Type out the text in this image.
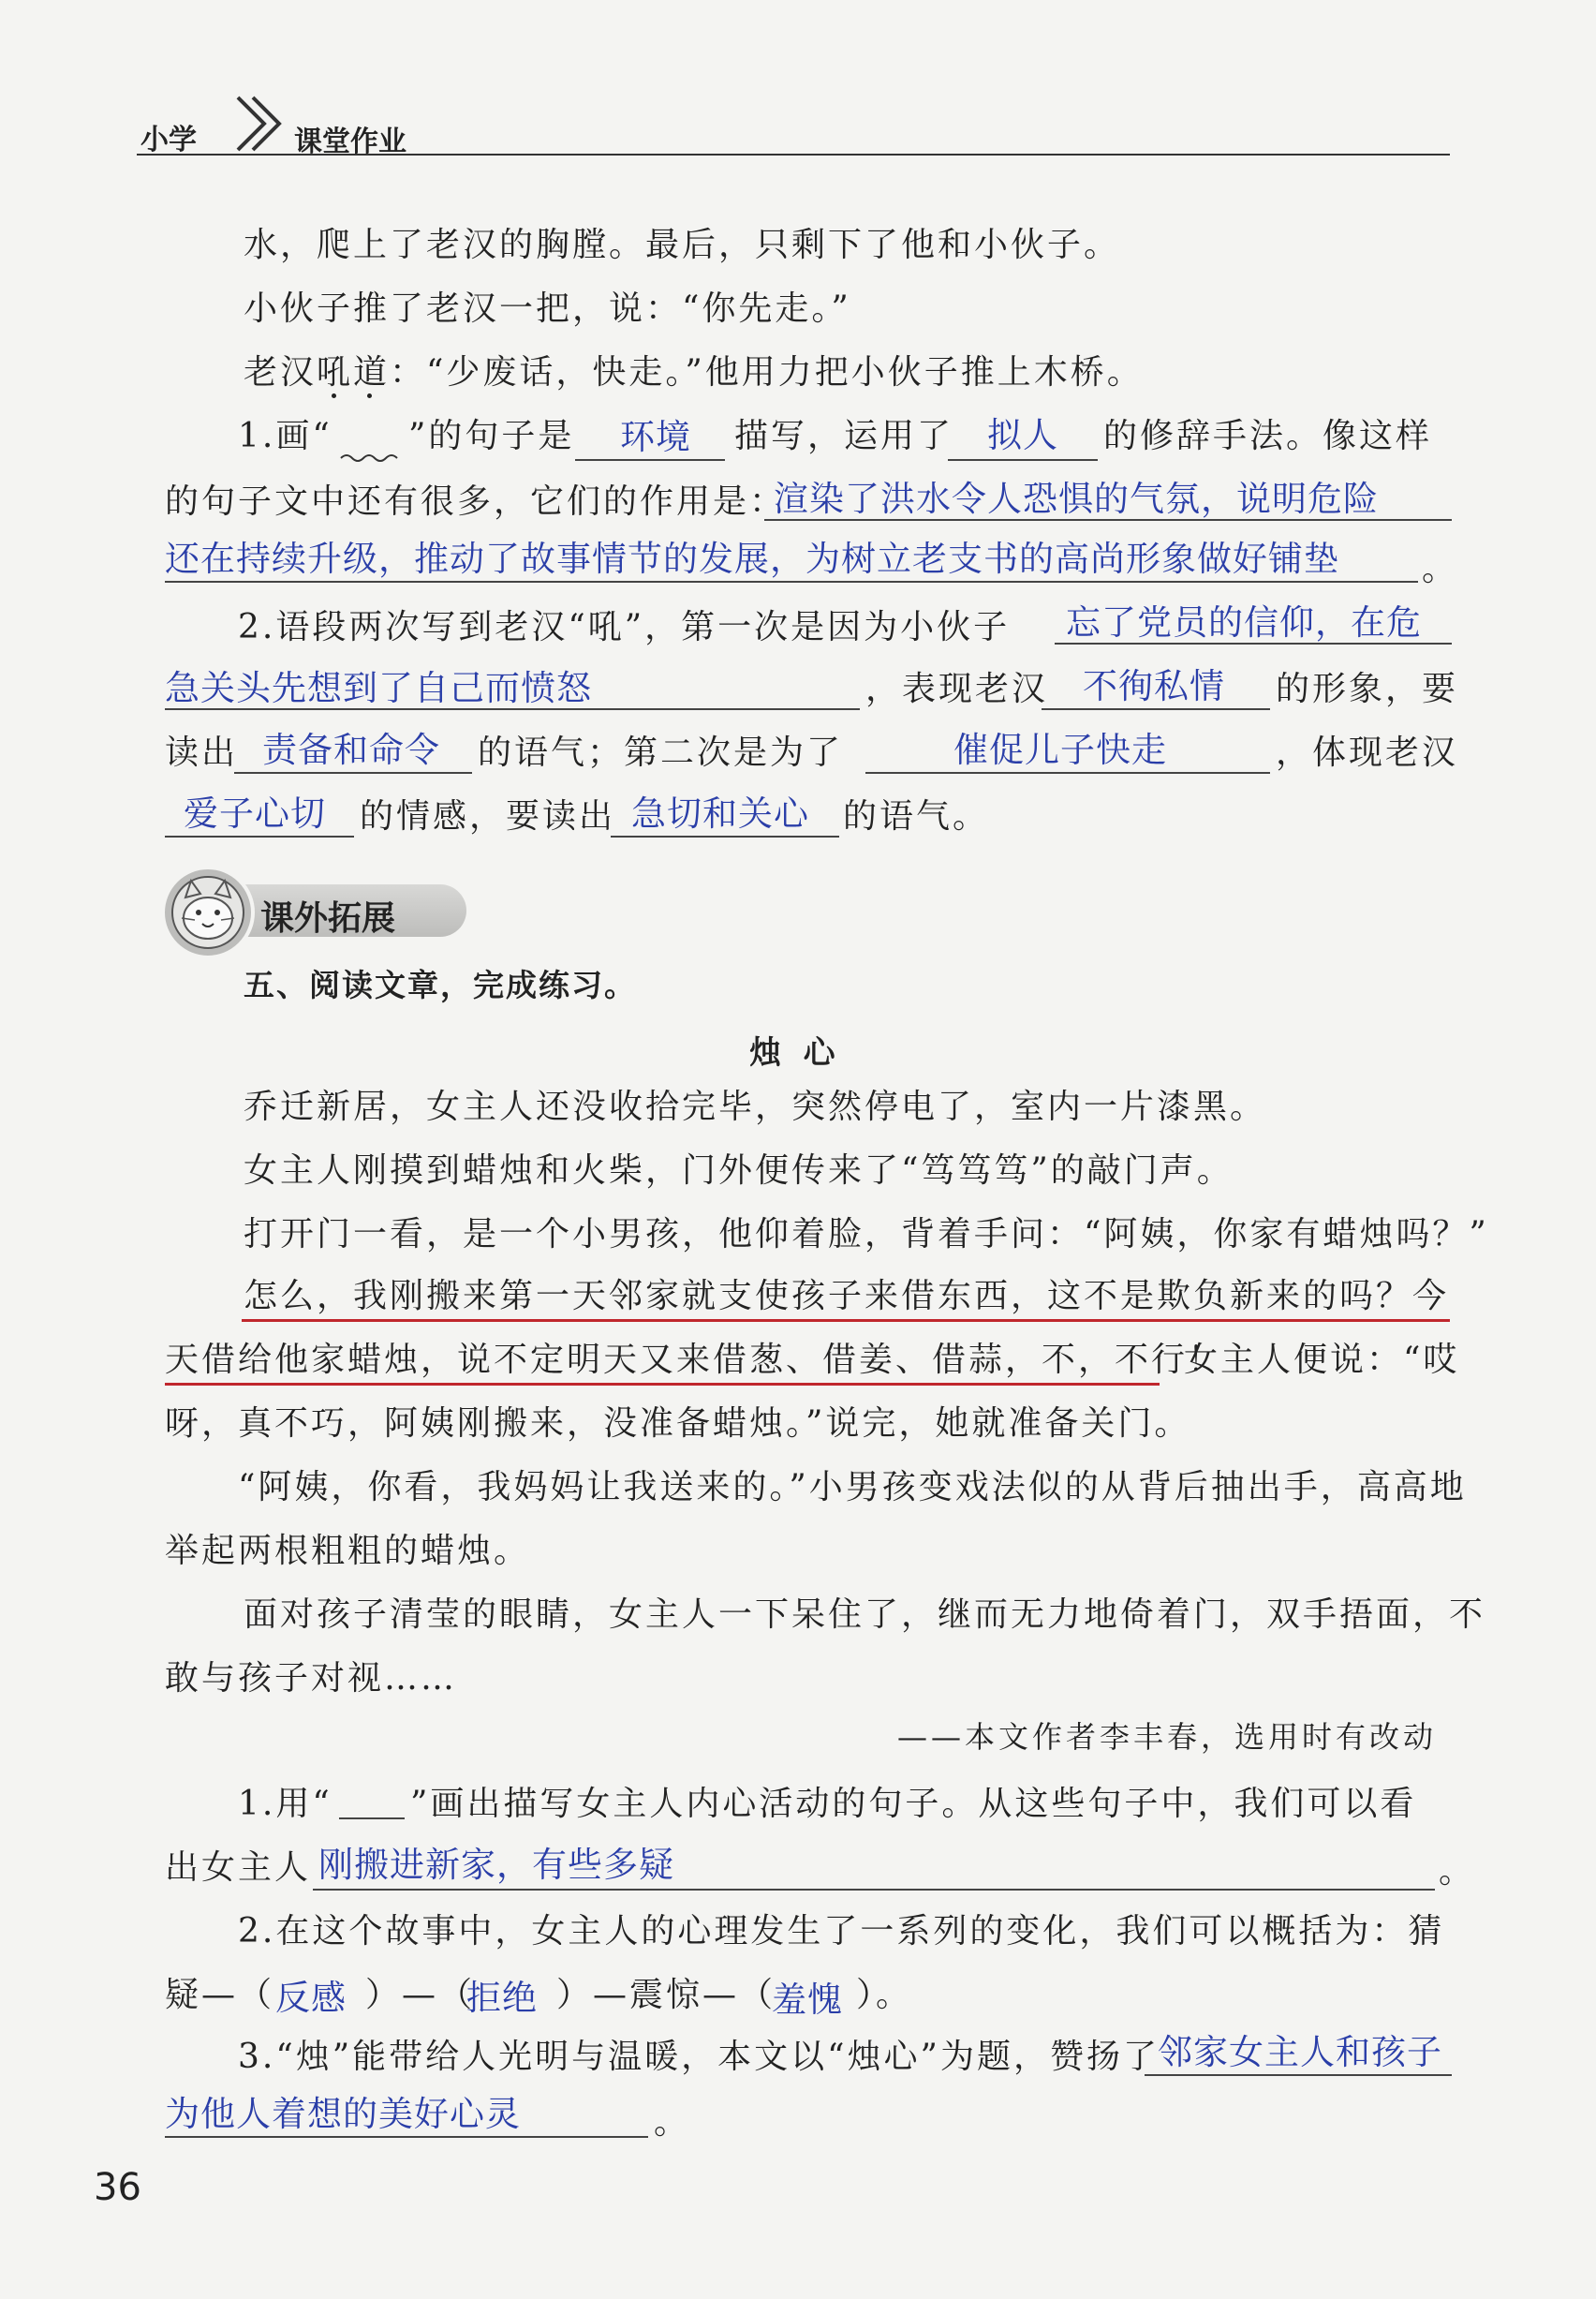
小学	课堂作业
水，爬上了老汉的胸膛。最后，只剩下了他和小伙子。
小伙子推了老汉一把，说：“你先走。”
老汉吼道：“少废话，快走。”他用力把小伙子推上木桥。
1.画“ ”的句子是 环境 描写，运用了 拟人 的修辞手法。像这样
的句子文中还有很多，它们的作用是：
渲染了洪水令人恐惧的气氛，说明危险
还在持续升级，推动了故事情节的发展，为树立老支书的高尚形象做好铺垫 。
2.语段两次写到老汉“吼”，第一次是因为小伙子 忘了党员的信仰，在危
急关头先想到了自己而愤怒	，表现老汉 不徇私情 的形象，要
读出 责备和命令 的语气；第二次是为了	催促儿子快走	，体现老汉
爱子心切 的情感，要读出 急切和关心 的语气。
课外拓展
五、阅读文章，完成练习。
烛  心
乔迁新居，女主人还没收拾完毕，突然停电了，室内一片漆黑。
女主人刚摸到蜡烛和火柴，门外便传来了“笃笃笃”的敲门声。
打开门一看，是一个小男孩，他仰着脸，背着手问：“阿姨，你家有蜡烛吗？”
怎么，我刚搬来第一天邻家就支使孩子来借东西，这不是欺负新来的吗？今
天借给他家蜡烛，说不定明天又来借葱、借姜、借蒜，不，不行！
女主人便说：“哎
呀，真不巧，阿姨刚搬来，没准备蜡烛。”说完，她就准备关门。
“阿姨，你看，我妈妈让我送来的。”小男孩变戏法似的从背后抽出手，高高地
举起两根粗粗的蜡烛。
面对孩子清莹的眼睛，女主人一下呆住了，继而无力地倚着门，双手捂面，不
敢与孩子对视……
——本文作者李丰春，选用时有改动
1.用“ ”画出描写女主人内心活动的句子。从这些句子中，我们可以看
出女主人 刚搬进新家，有些多疑	。
2.在这个故事中，女主人的心理发生了一系列的变化，我们可以概括为：猜
疑—（ 反感 ）—（
拒绝 ）—震惊—（
羞愧 ）。
3.“烛”能带给人光明与温暖，本文以“烛心”为题，赞扬了
邻家女主人和孩子
为他人着想的美好心灵	。
36
